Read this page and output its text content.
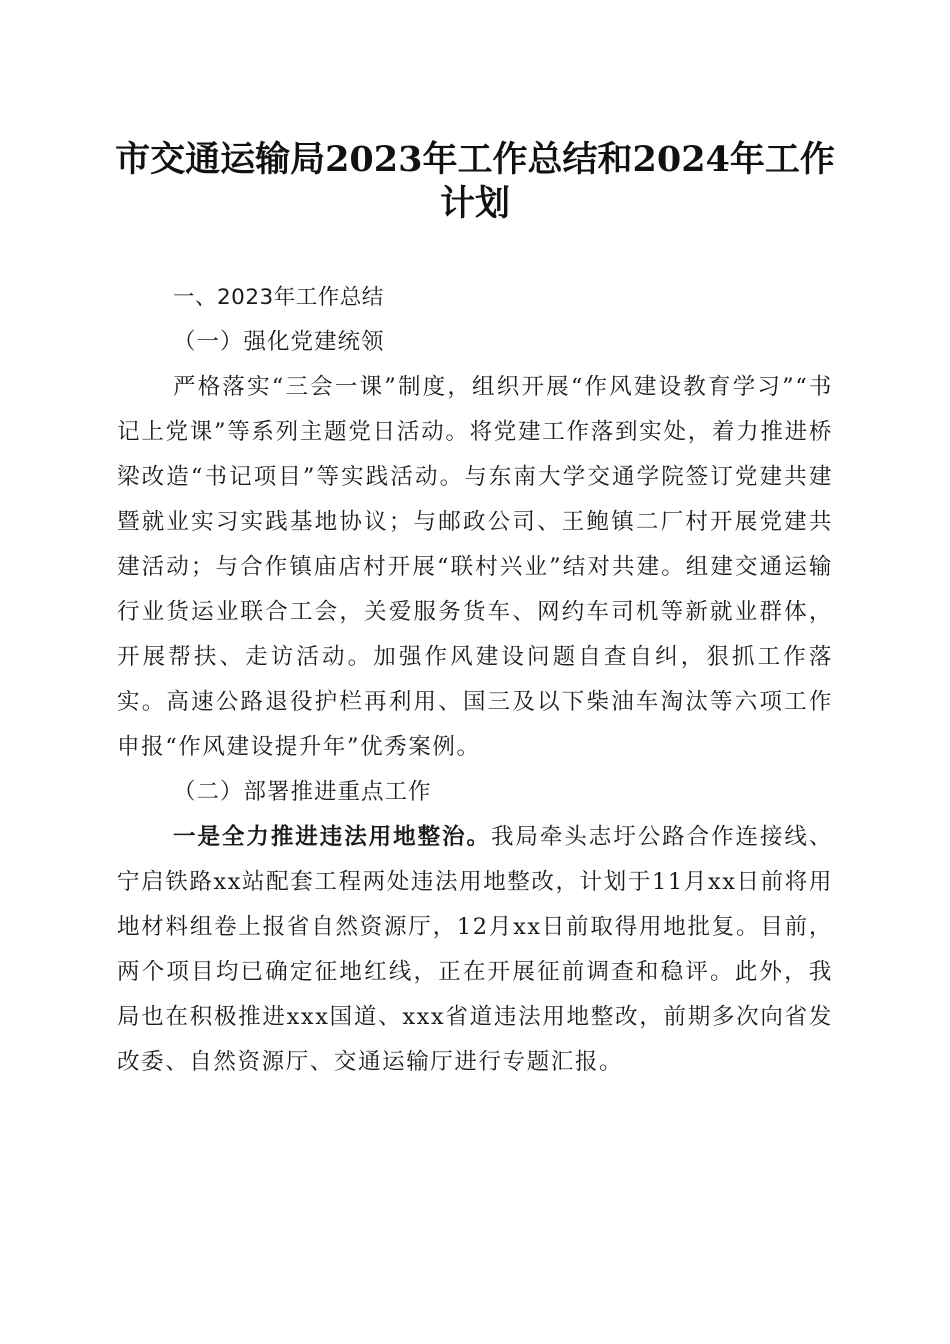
市交通运输局2023年工作总结和2024年工作
计划

一、2023年工作总结

（一）强化党建统领

严格落实“三会一课”制度，组织开展“作风建设教育学习”“书记上党课”等系列主题党日活动。将党建工作落到实处，着力推进桥梁改造“书记项目”等实践活动。与东南大学交通学院签订党建共建暨就业实习实践基地协议；与邮政公司、王鲍镇二厂村开展党建共建活动；与合作镇庙店村开展“联村兴业”结对共建。组建交通运输行业货运业联合工会，关爱服务货车、网约车司机等新就业群体，开展帮扶、走访活动。加强作风建设问题自查自纠，狠抓工作落实。高速公路退役护栏再利用、国三及以下柴油车淘汰等六项工作申报“作风建设提升年”优秀案例。

（二）部署推进重点工作

一是全力推进违法用地整治。我局牵头志圩公路合作连接线、宁启铁路xx站配套工程两处违法用地整改，计划于11月xx日前将用地材料组卷上报省自然资源厅，12月xx日前取得用地批复。目前，两个项目均已确定征地红线，正在开展征前调查和稳评。此外，我局也在积极推进xxx国道、xxx省道违法用地整改，前期多次向省发改委、自然资源厅、交通运输厅进行专题汇报。
